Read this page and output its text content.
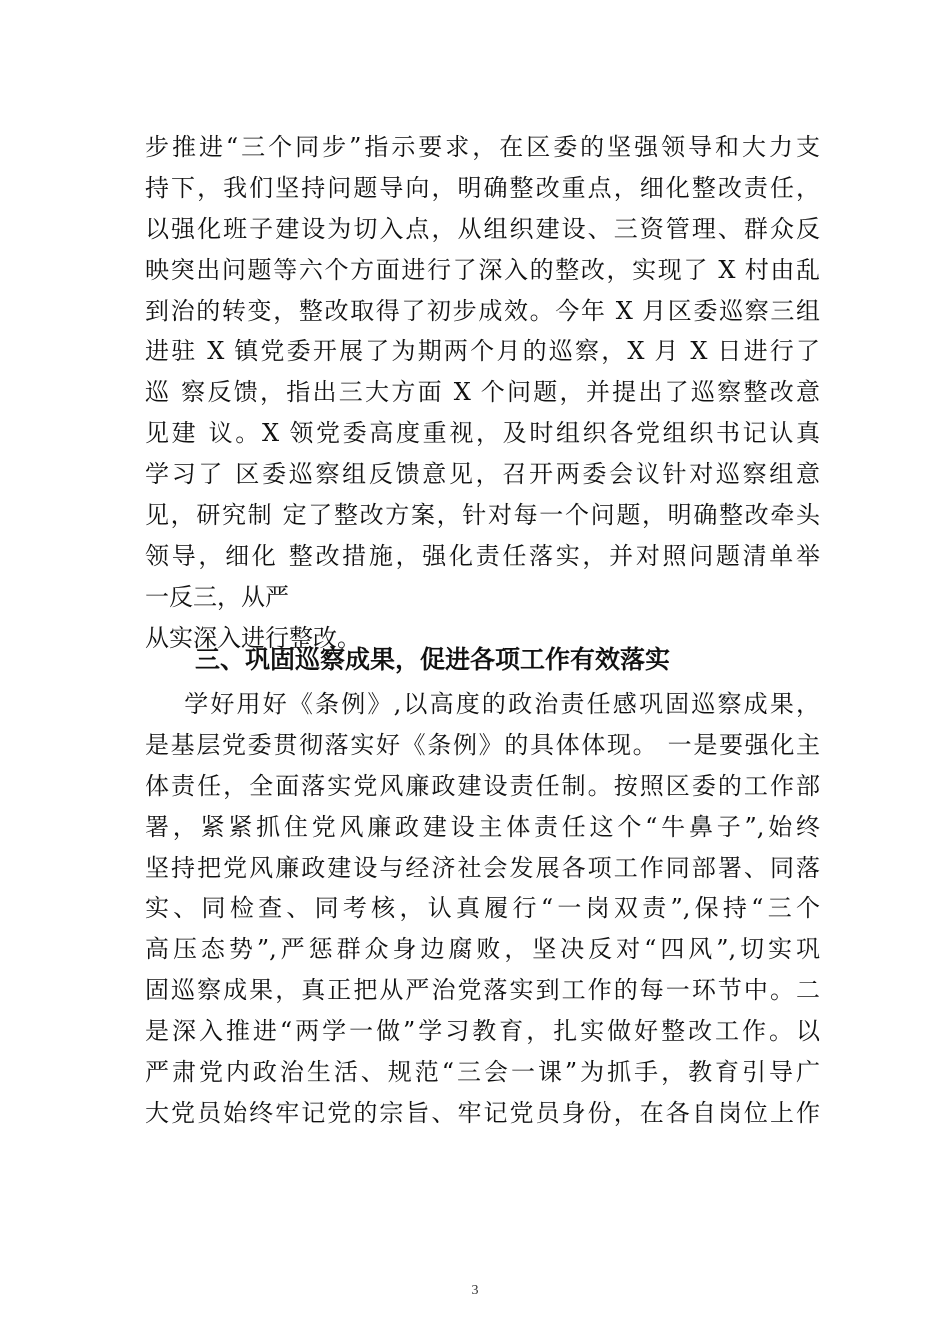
步推进“三个同步”指示要求，在区委的坚强领导和大力支
持下，我们坚持问题导向，明确整改重点，细化整改责任，
以强化班子建设为切入点，从组织建设、三资管理、群众反
映突出问题等六个方面进行了深入的整改，实现了 X 村由乱
到治的转变，整改取得了初步成效。今年 X 月区委巡察三组
进驻 X 镇党委开展了为期两个月的巡察，X 月 X 日进行了
巡 察反馈，指出三大方面 X 个问题，并提出了巡察整改意
见建 议。X 领党委高度重视，及时组织各党组织书记认真
学习了 区委巡察组反馈意见，召开两委会议针对巡察组意
见，研究制 定了整改方案，针对每一个问题，明确整改牵头
领导，细化 整改措施，强化责任落实，并对照问题清单举
一反三，从严
从实深入进行整改。
三、巩固巡察成果，促进各项工作有效落实
学好用好《条例》,以高度的政治责任感巩固巡察成果，
是基层党委贯彻落实好《条例》的具体体现。 一是要强化主
体责任，全面落实党风廉政建设责任制。按照区委的工作部
署，紧紧抓住党风廉政建设主体责任这个“牛鼻子”,始终
坚持把党风廉政建设与经济社会发展各项工作同部署、同落
实、同检查、同考核，认真履行“一岗双责”,保持“三个
高压态势”,严惩群众身边腐败，坚决反对“四风”,切实巩
固巡察成果，真正把从严治党落实到工作的每一环节中。二
是深入推进“两学一做”学习教育，扎实做好整改工作。以
严肃党内政治生活、规范“三会一课”为抓手，教育引导广
大党员始终牢记党的宗旨、牢记党员身份，在各自岗位上作
3
